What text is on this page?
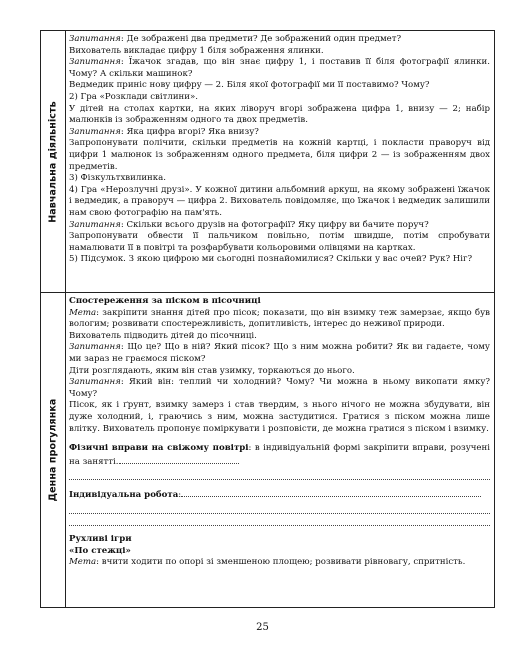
Навчальна діяльність

Запитання: Де зображені два предмети? Де зображений один предмет?

Вихователь викладає цифру 1 біля зображення ялинки.

Запитання: Їжачок згадав, що він знає цифру 1, і поставив її біля фотографії ялинки. Чому? А скільки машинок?

Ведмедик приніс нову цифру — 2. Біля якої фотографії ми її поставимо? Чому?

2) Гра «Розклади світлини».

У дітей на столах картки, на яких ліворуч вгорі зображена цифра 1, внизу — 2; набір малюнків із зображенням одного та двох предметів.

Запитання: Яка цифра вгорі? Яка внизу?

Запропонувати полічити, скільки предметів на кожній картці, і покласти праворуч від цифри 1 малюнок із зображенням одного предмета, біля цифри 2 — із зображенням двох предметів.

3) Фізкультхвилинка.

4) Гра «Нерозлучні друзі». У кожної дитини альбомний аркуш, на якому зображені їжачок і ведмедик, а праворуч — цифра 2. Вихователь повідомляє, що їжачок і ведмедик залишили нам свою фотографію на пам'ять.

Запитання: Скільки всього друзів на фотографії? Яку цифру ви бачите поруч?

Запропонувати обвести її пальчиком повільно, потім швидше, потім спробувати намалювати її в повітрі та розфарбувати кольоровими олівцями на картках.

5) Підсумок. З якою цифрою ми сьогодні познайомилися? Скільки у вас очей? Рук? Ніг?

Денна прогулянка

Спостереження за піском в пісочниці

Мета: закріпити знання дітей про пісок; показати, що він взимку теж замерзає, якщо був вологим; розвивати спостережливість, допитливість, інтерес до неживої природи.

Вихователь підводить дітей до пісочниці.

Запитання: Що це? Що в ній? Який пісок? Що з ним можна робити? Як ви гадаєте, чому ми зараз не граємося піском?

Діти розглядають, яким він став узимку, торкаються до нього.

Запитання: Який він: теплий чи холодний? Чому? Чи можна в ньому викопати ямку? Чому?

Пісок, як і ґрунт, взимку замерз і став твердим, з нього нічого не можна збудувати, він дуже холодний, і, граючись з ним, можна застудитися. Гратися з піском можна лише влітку. Вихователь пропонує поміркувати і розповісти, де можна гратися з піском і взимку.

Фізичні вправи на свіжому повітрі: в індивідуальній формі закріпити вправи, розучені на занятті.

Індивідуальна робота:

Рухливі ігри

«По стежці»

Мета: вчити ходити по опорі зі зменшеною площею; розвивати рівновагу, спритність.

25
